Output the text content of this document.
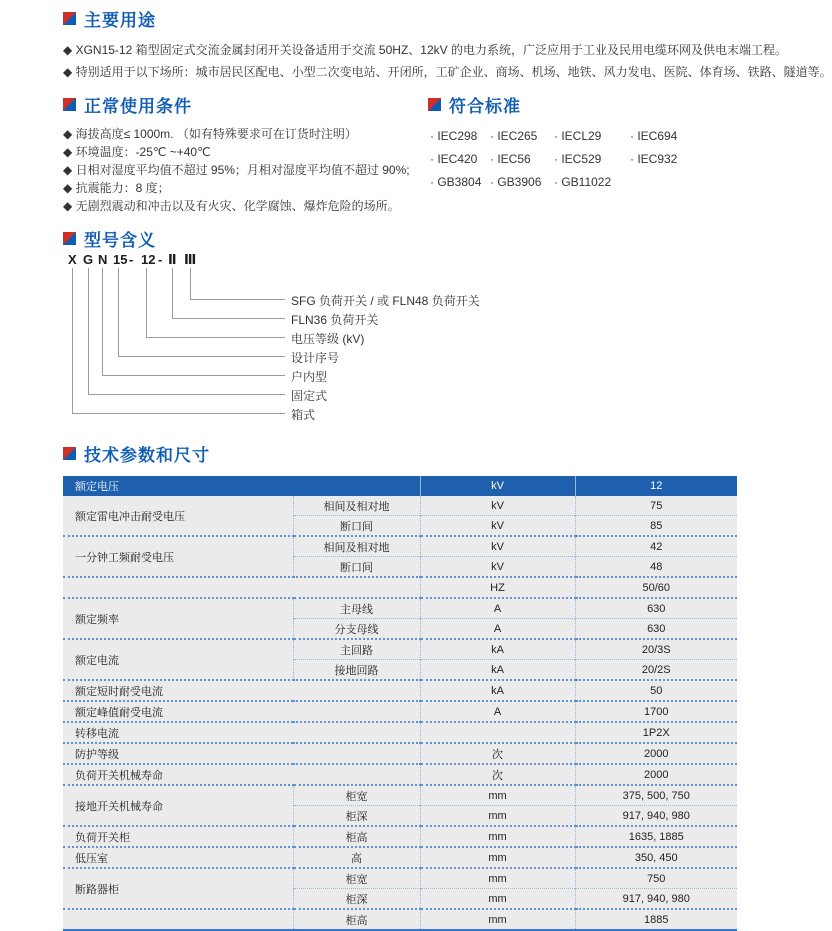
主要用途

◆ XGN15-12 箱型固定式交流金属封闭开关设备适用于交流 50HZ、12kV 的电力系统，广泛应用于工业及民用电缆环网及供电末端工程。

◆ 特别适用于以下场所：城市居民区配电、小型二次变电站、开闭所，工矿企业、商场、机场、地铁、风力发电、医院、体育场、铁路、隧道等。

正常使用条件

◆ 海拔高度≤ 1000m. （如有特殊要求可在订货时注明）

◆ 环境温度：-25℃ ~+40℃

◆ 日相对湿度平均值不超过 95%；月相对湿度平均值不超过 90%;

◆ 抗震能力：8 度；

◆ 无剧烈震动和冲击以及有火灾、化学腐蚀、爆炸危险的场所。

符合标准
· IEC298	· IEC265	· IECL29	· IEC694
· IEC420	· IEC56	· IEC529	· IEC932
· GB3804 · GB3906	· GB11022
型号含义
X G N 15 - 12 - Ⅱ Ⅲ
SFG 负荷开关 / 或 FLN48 负荷开关
FLN36 负荷开关
电压等级 (kV)
设计序号
户内型
固定式
箱式
技术参数和尺寸
额定电压		kV	12
额定雷电冲击耐受电压	相间及相对地	kV	75
	断口间	kV	85
一分钟工频耐受电压	相间及相对地	kV	42
	断口间	kV	48
		HZ	50/60
额定频率	主母线	A	630
	分支母线	A	630
额定电流	主回路	kA	20/3S
	接地回路	kA	20/2S
额定短时耐受电流		kA	50
额定峰值耐受电流		A	1700
转移电流			1P2X
防护等级		次	2000
负荷开关机械寿命		次	2000
接地开关机械寿命	柜宽	mm	375, 500, 750
	柜深	mm	917, 940, 980
负荷开关柜	柜高	mm	1635, 1885
低压室	高	mm	350, 450
断路器柜	柜宽	mm	750
	柜深	mm	917, 940, 980
	柜高	mm	1885
